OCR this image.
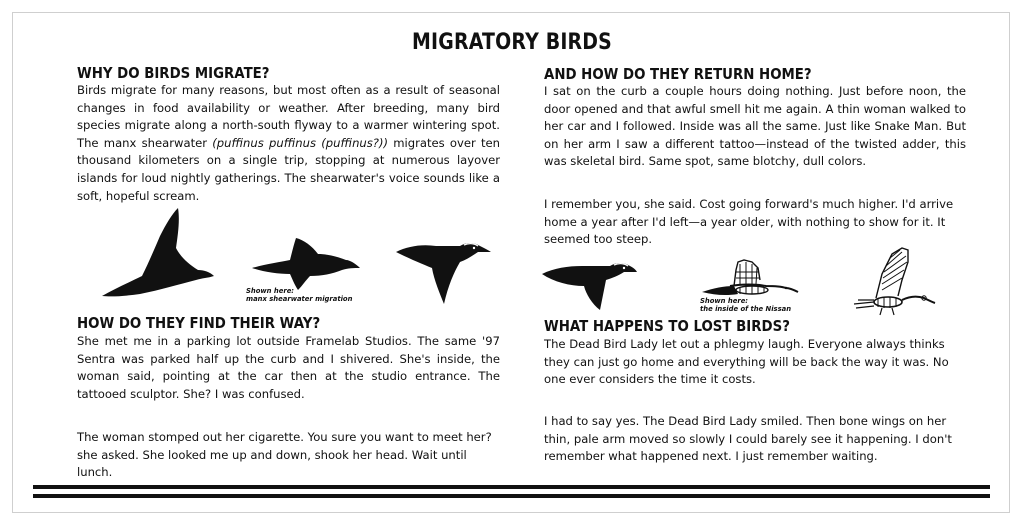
MIGRATORY BIRDS
WHY DO BIRDS MIGRATE?

Birds migrate for many reasons, but most often as a result of seasonal changes in food availability or weather. After breeding, many bird species migrate along a north-south flyway to a warmer wintering spot. The manx shearwater (puffinus puffinus (puffinus?)) migrates over ten thousand kilometers on a single trip, stopping at numerous layover islands for loud nightly gatherings. The shearwater's voice sounds like a soft, hopeful scream.

Shown here:
manx shearwater migration
HOW DO THEY FIND THEIR WAY?

She met me in a parking lot outside Framelab Studios. The same '97 Sentra was parked half up the curb and I shivered. She's inside, the woman said, pointing at the car then at the studio entrance. The tattooed sculptor. She? I was confused.

The woman stomped out her cigarette. You sure you want to meet her? she asked. She looked me up and down, shook her head. Wait until lunch.

AND HOW DO THEY RETURN HOME?

I sat on the curb a couple hours doing nothing. Just before noon, the door opened and that awful smell hit me again. A thin woman walked to her car and I followed. Inside was all the same. Just like Snake Man. But on her arm I saw a different tattoo—instead of the twisted adder, this was skeletal bird. Same spot, same blotchy, dull colors.

I remember you, she said. Cost going forward's much higher. I'd arrive home a year after I'd left—a year older, with nothing to show for it. It seemed too steep.

Shown here:
the inside of the Nissan
WHAT HAPPENS TO LOST BIRDS?

The Dead Bird Lady let out a phlegmy laugh. Everyone always thinks they can just go home and everything will be back the way it was. No one ever considers the time it costs.

I had to say yes. The Dead Bird Lady smiled. Then bone wings on her thin, pale arm moved so slowly I could barely see it happening. I don't remember what happened next. I just remember waiting.
